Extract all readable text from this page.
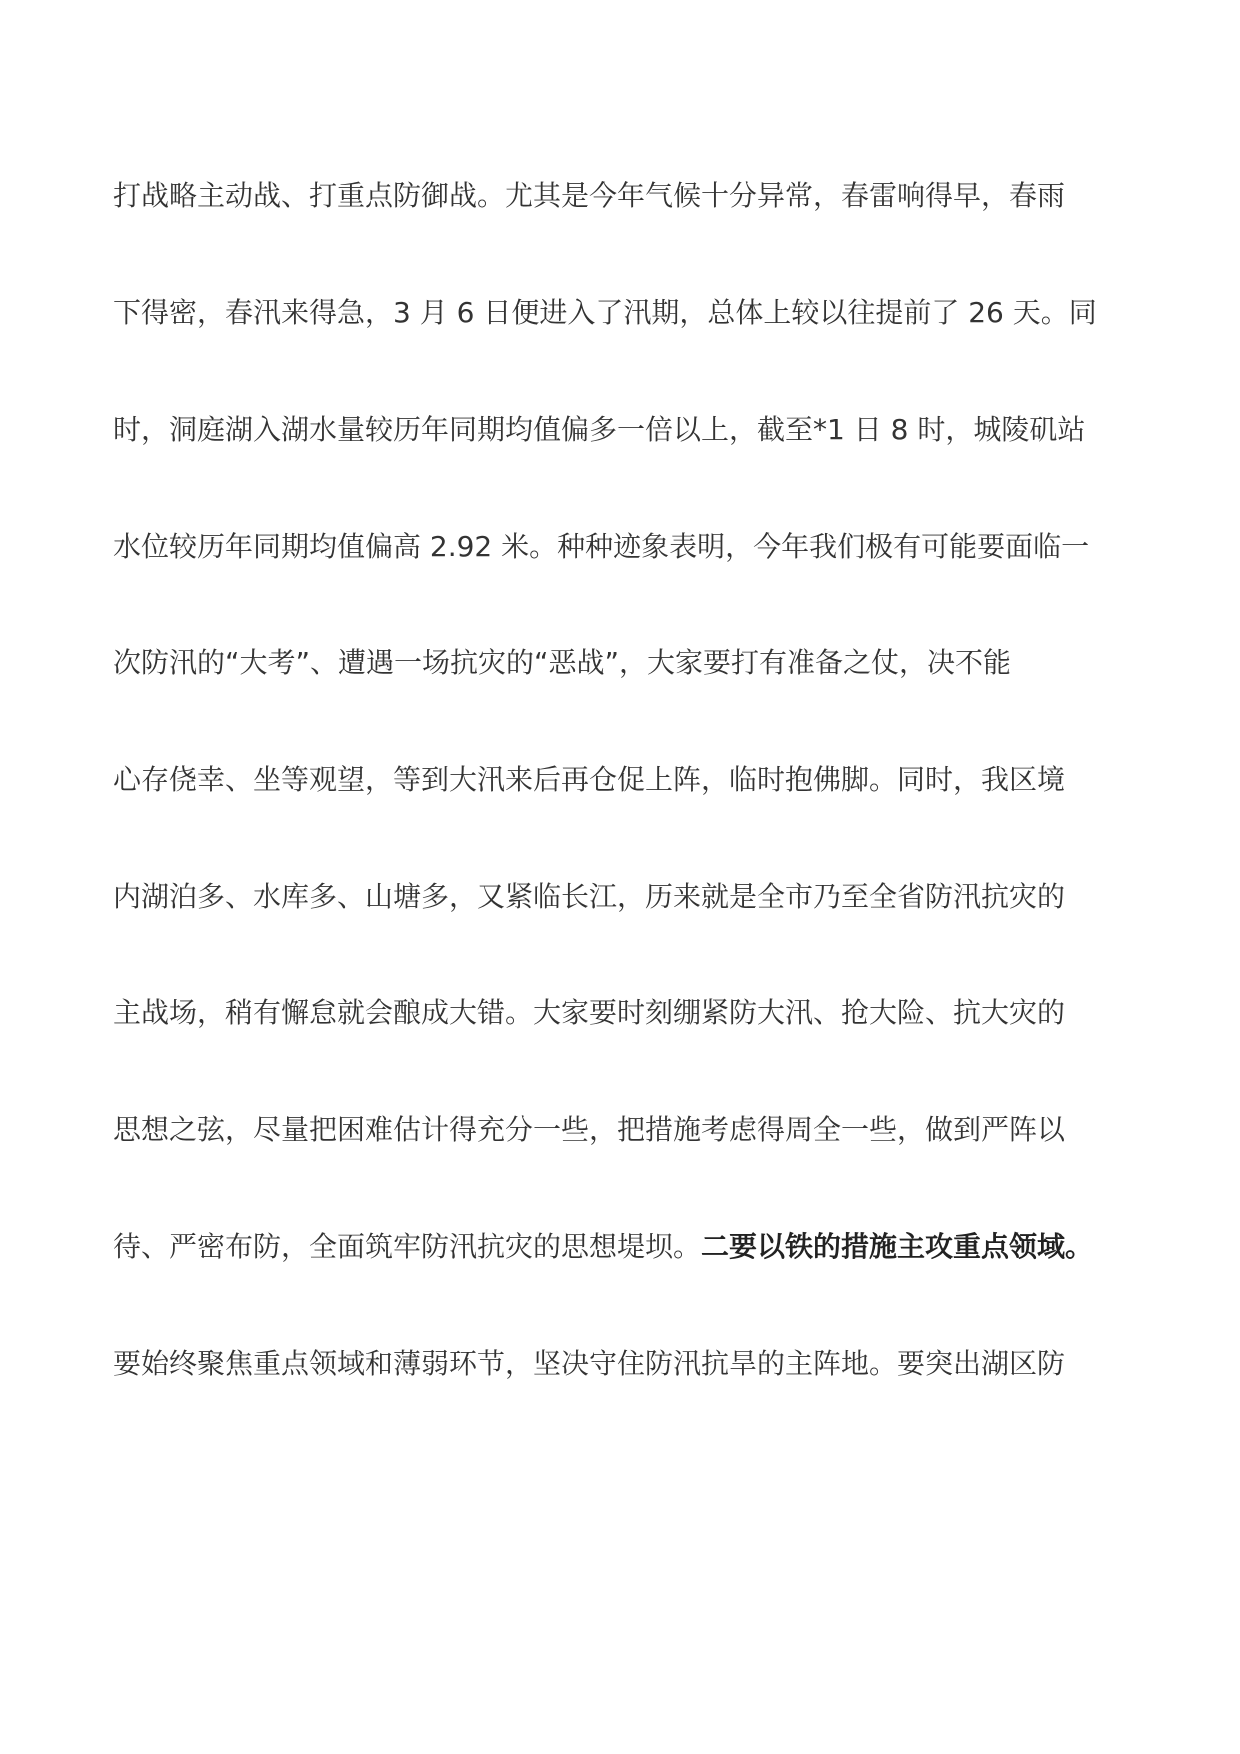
打战略主动战、打重点防御战。尤其是今年气候十分异常，春雷响得早，春雨
下得密，春汛来得急，3 月 6 日便进入了汛期，总体上较以往提前了 26 天。同
时，洞庭湖入湖水量较历年同期均值偏多一倍以上，截至*1 日 8 时，城陵矶站
水位较历年同期均值偏高 2.92 米。种种迹象表明，今年我们极有可能要面临一
次防汛的“大考”、遭遇一场抗灾的“恶战”，大家要打有准备之仗，决不能
心存侥幸、坐等观望，等到大汛来后再仓促上阵，临时抱佛脚。同时，我区境
内湖泊多、水库多、山塘多，又紧临长江，历来就是全市乃至全省防汛抗灾的
主战场，稍有懈怠就会酿成大错。大家要时刻绷紧防大汛、抢大险、抗大灾的
思想之弦，尽量把困难估计得充分一些，把措施考虑得周全一些，做到严阵以
待、严密布防，全面筑牢防汛抗灾的思想堤坝。二要以铁的措施主攻重点领域。
要始终聚焦重点领域和薄弱环节，坚决守住防汛抗旱的主阵地。要突出湖区防
